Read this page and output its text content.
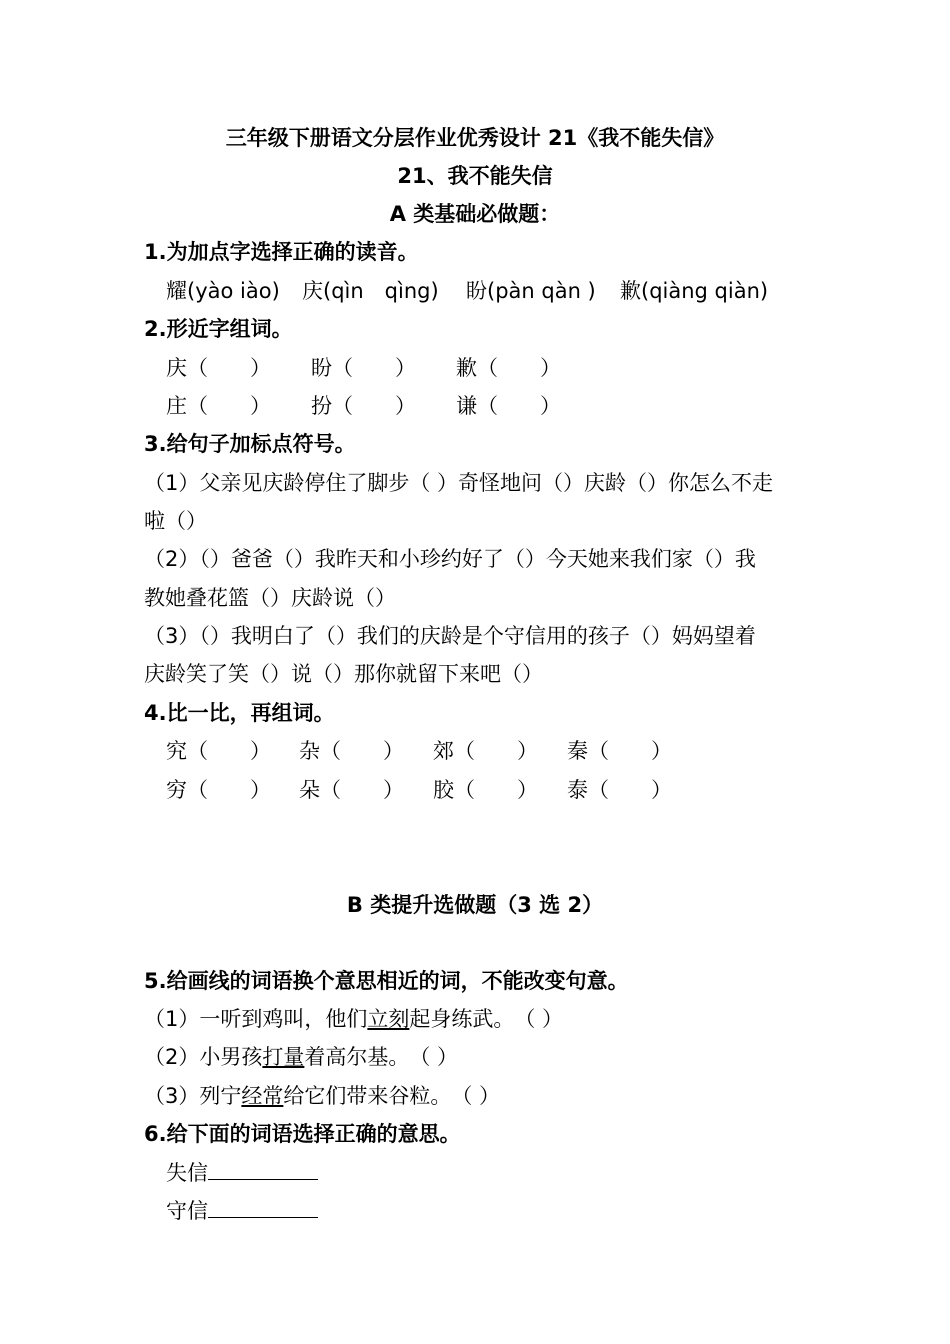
三年级下册语文分层作业优秀设计 21《我不能失信》
21、我不能失信
A 类基础必做题：
1.为加点字选择正确的读音。
耀(yào iào) 庆(qìn　qìng) 盼(pàn qàn ) 歉(qiàng qiàn)
2.形近字组词。
庆（　　） 盼（　　） 歉（　　）
庄（　　） 扮（　　） 谦（　　）
3.给句子加标点符号。
（1）父亲见庆龄停住了脚步（ ）奇怪地问（）庆龄（）你怎么不走
啦（）
（2）（）爸爸（）我昨天和小珍约好了（）今天她来我们家（）我
教她叠花篮（）庆龄说（）
（3）（）我明白了（）我们的庆龄是个守信用的孩子（）妈妈望着
庆龄笑了笑（）说（）那你就留下来吧（）
4.比一比，再组词。
究（　　） 杂（　　） 郊（　　） 秦（　　）
穷（　　） 朵（　　） 胶（　　） 泰（　　）
B 类提升选做题（3 选 2）
5.给画线的词语换个意思相近的词，不能改变句意。
（1）一听到鸡叫，他们立刻起身练武。　（ ）
（2）小男孩打量着高尔基。　（ ）
（3）列宁经常给它们带来谷粒。　（ ）
6.给下面的词语选择正确的意思。
失信
守信
